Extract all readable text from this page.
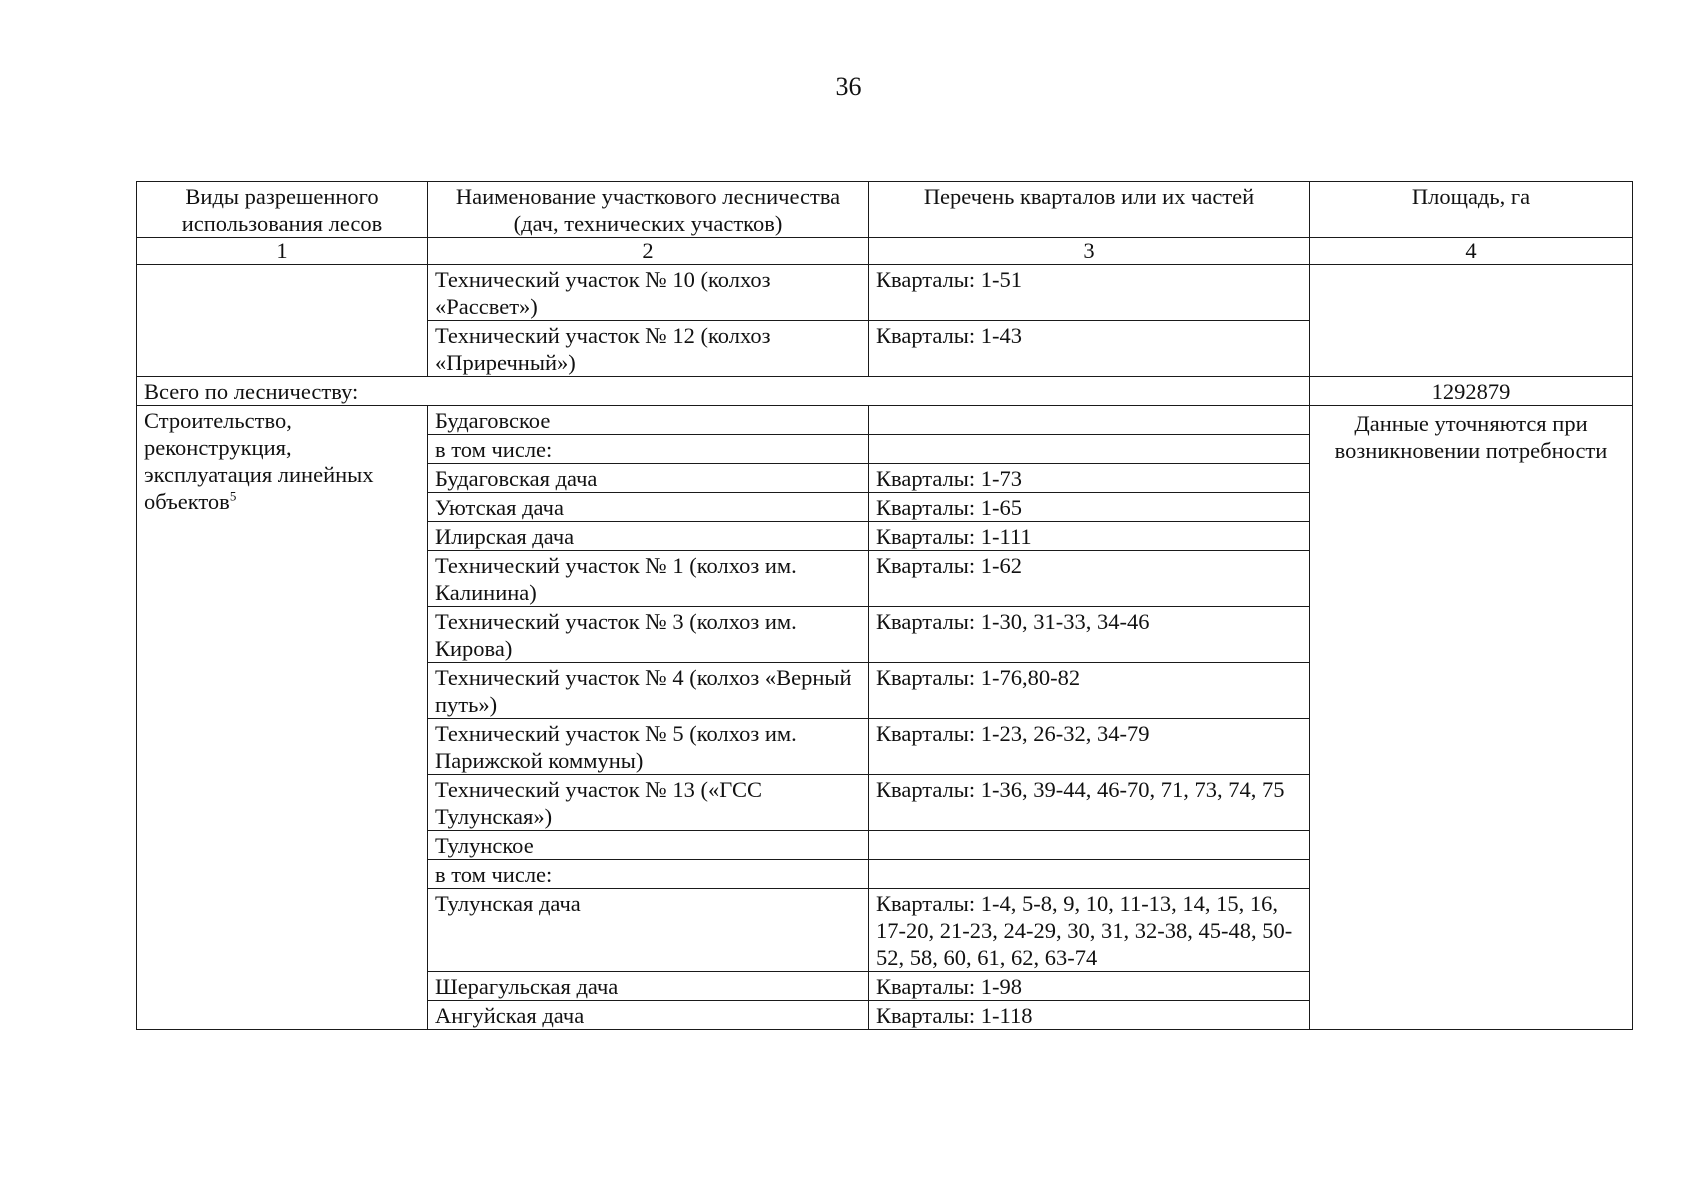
36
Виды разрешенного использования лесов	Наименование участкового лесничества (дач, технических участков)	Перечень кварталов или их частей	Площадь, га
1	2	3	4
	Технический участок № 10 (колхоз «Рассвет»)	Кварталы: 1-51	
	Технический участок № 12 (колхоз «Приречный»)	Кварталы: 1-43	
Всего по лесничеству:			1292879
Строительство, реконструкция, эксплуатация линейных объектов$^5$	Будаговское		Данные уточняются при возникновении потребности
	в том числе:		
	Будаговская дача	Кварталы: 1-73	
	Уютская дача	Кварталы: 1-65	
	Илирская дача	Кварталы: 1-111	
	Технический участок № 1 (колхоз им. Калинина)	Кварталы: 1-62	
	Технический участок № 3 (колхоз им. Кирова)	Кварталы: 1-30, 31-33, 34-46	
	Технический участок № 4 (колхоз «Верный путь»)	Кварталы: 1-76,80-82	
	Технический участок № 5 (колхоз им. Парижской коммуны)	Кварталы: 1-23, 26-32, 34-79	
	Технический участок № 13 («ГСС Тулунская»)	Кварталы: 1-36, 39-44, 46-70, 71, 73, 74, 75	
	Тулунское		
	в том числе:		
	Тулунская дача	Кварталы: 1-4, 5-8, 9, 10, 11-13, 14, 15, 16, 17-20, 21-23, 24-29, 30, 31, 32-38, 45-48, 50-52, 58, 60, 61, 62, 63-74	
	Шерагульская дача	Кварталы: 1-98	
	Ангуйская дача	Кварталы: 1-118	
